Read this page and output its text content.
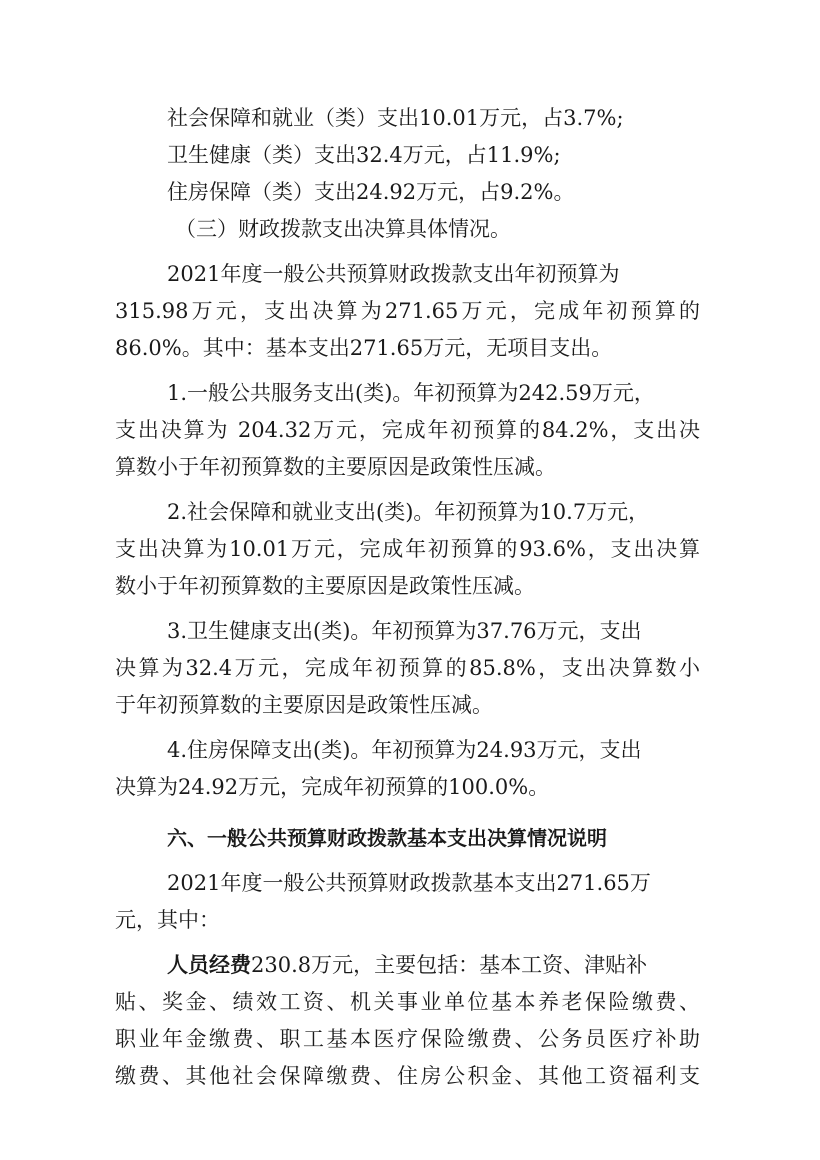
社会保障和就业（类）支出10.01万元，占3.7%;
卫生健康（类）支出32.4万元，占11.9%;
住房保障（类）支出24.92万元，占9.2%。
（三）财政拨款支出决算具体情况。
2021年度一般公共预算财政拨款支出年初预算为
315.98万元，支出决算为271.65万元，完成年初预算的
86.0%。其中：基本支出271.65万元，无项目支出。
1.一般公共服务支出(类)。年初预算为242.59万元，
支出决算为 204.32万元，完成年初预算的84.2%，支出决
算数小于年初预算数的主要原因是政策性压减。
2.社会保障和就业支出(类)。年初预算为10.7万元，
支出决算为10.01万元，完成年初预算的93.6%，支出决算
数小于年初预算数的主要原因是政策性压减。
3.卫生健康支出(类)。年初预算为37.76万元，支出
决算为32.4万元，完成年初预算的85.8%，支出决算数小
于年初预算数的主要原因是政策性压减。
4.住房保障支出(类)。年初预算为24.93万元，支出
决算为24.92万元，完成年初预算的100.0%。
六、一般公共预算财政拨款基本支出决算情况说明
2021年度一般公共预算财政拨款基本支出271.65万
元，其中：
人员经费230.8万元，主要包括：基本工资、津贴补
贴、奖金、绩效工资、机关事业单位基本养老保险缴费、
职业年金缴费、职工基本医疗保险缴费、公务员医疗补助
缴费、其他社会保障缴费、住房公积金、其他工资福利支
